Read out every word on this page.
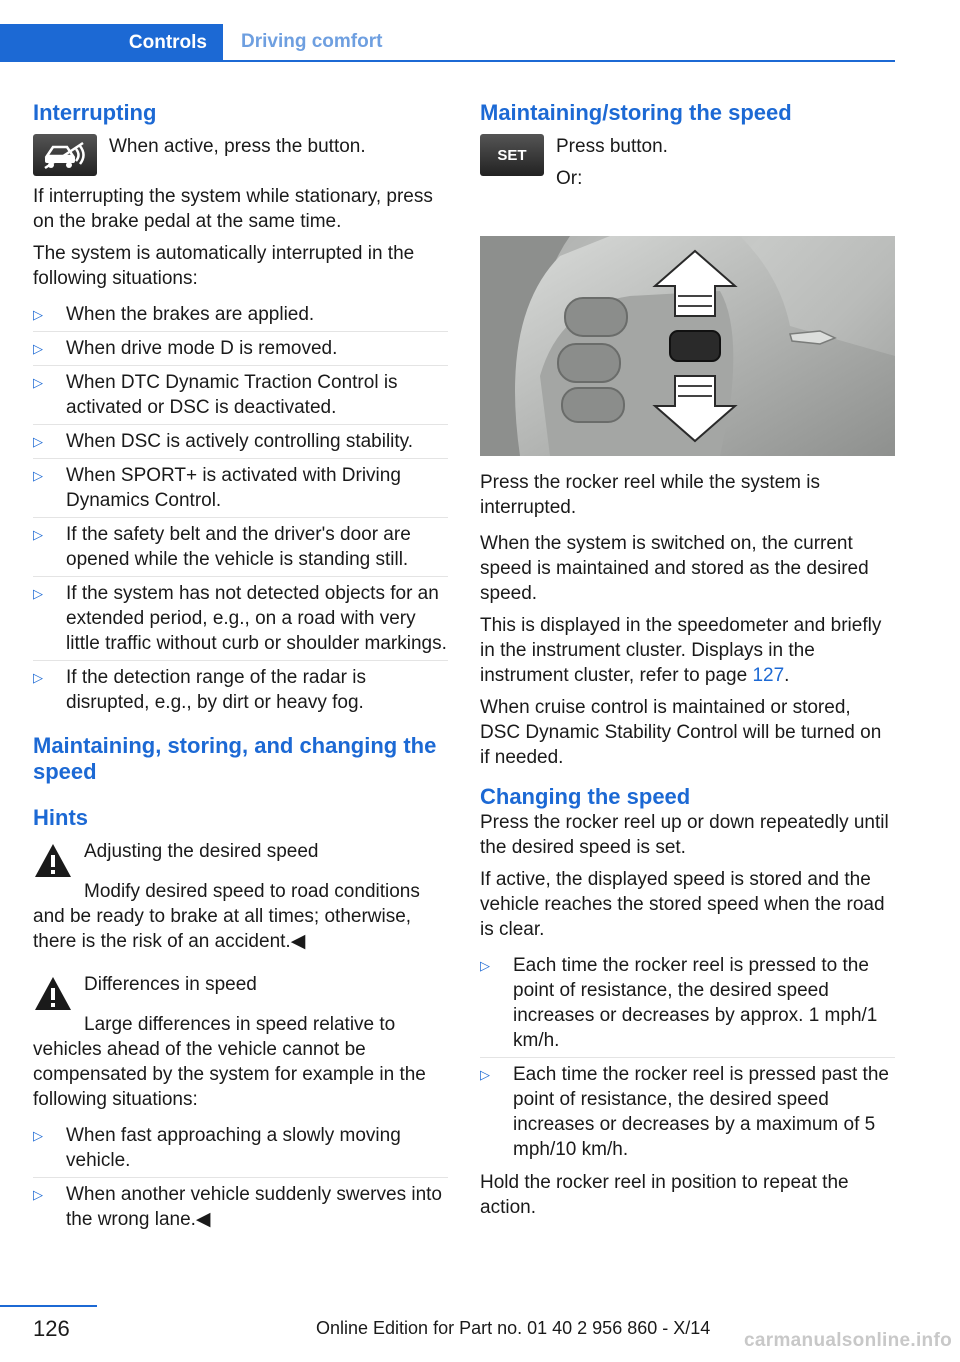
Controls	Driving comfort
Interrupting

When active, press the button.

If interrupting the system while stationary, press on the brake pedal at the same time.

The system is automatically interrupted in the following situations:

▷ When the brakes are applied.
▷ When drive mode D is removed.
▷ When DTC Dynamic Traction Control is activated or DSC is deactivated.
▷ When DSC is actively controlling stability.
▷ When SPORT+ is activated with Driving Dynamics Control.
▷ If the safety belt and the driver's door are opened while the vehicle is standing still.
▷ If the system has not detected objects for an extended period, e.g., on a road with very little traffic without curb or shoulder markings.
▷ If the detection range of the radar is disrupted, e.g., by dirt or heavy fog.
Maintaining, storing, and changing the speed
Hints

Adjusting the desired speed

Modify desired speed to road conditions and be ready to brake at all times; otherwise, there is the risk of an accident.◀

Differences in speed

Large differences in speed relative to vehicles ahead of the vehicle cannot be compensated by the system for example in the following situations:

▷ When fast approaching a slowly moving vehicle.
▷ When another vehicle suddenly swerves into the wrong lane.◀
Maintaining/storing the speed
SET Press button.

Or:

Press the rocker reel while the system is interrupted.

When the system is switched on, the current speed is maintained and stored as the desired speed.

This is displayed in the speedometer and briefly in the instrument cluster. Displays in the instrument cluster, refer to page 127.

When cruise control is maintained or stored, DSC Dynamic Stability Control will be turned on if needed.

Changing the speed

Press the rocker reel up or down repeatedly until the desired speed is set.

If active, the displayed speed is stored and the vehicle reaches the stored speed when the road is clear.

▷ Each time the rocker reel is pressed to the point of resistance, the desired speed increases or decreases by approx. 1 mph/1 km/h.
▷ Each time the rocker reel is pressed past the point of resistance, the desired speed increases or decreases by a maximum of 5 mph/10 km/h.

Hold the rocker reel in position to repeat the action.

126	Online Edition for Part no. 01 40 2 956 860 - X/14
carmanualsonline.info
